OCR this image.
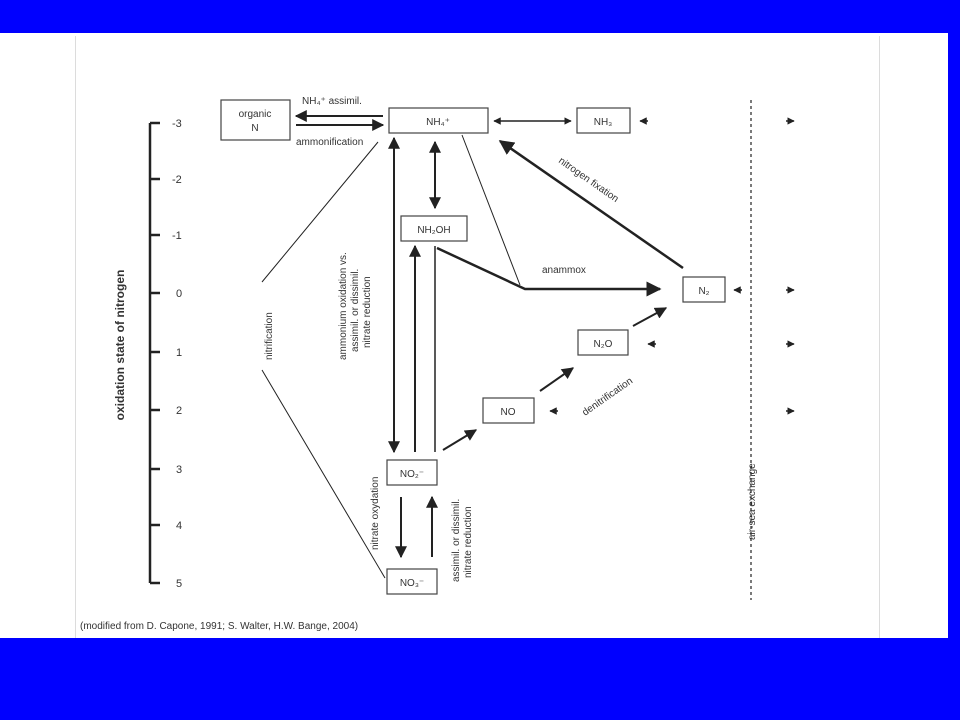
-3
-2
-1
0
1
2
3
4
5
oxidation state of nitrogen
organic
N
NH₄⁺	NH₃
NH₂OH
N₂
N₂O
NO
NO₂⁻
NO₃⁻
NH₄⁺ assimil.
ammonification
nitrogen fixation
anammox
nitrification	ammonium oxidation vs. assimil. or dissimil. nitrate reduction
denitrification
nitrate oxydation	assimil. or dissimil. nitrate reduction
air-sea exchange
(modified from D. Capone, 1991; S. Walter, H.W. Bange, 2004)
